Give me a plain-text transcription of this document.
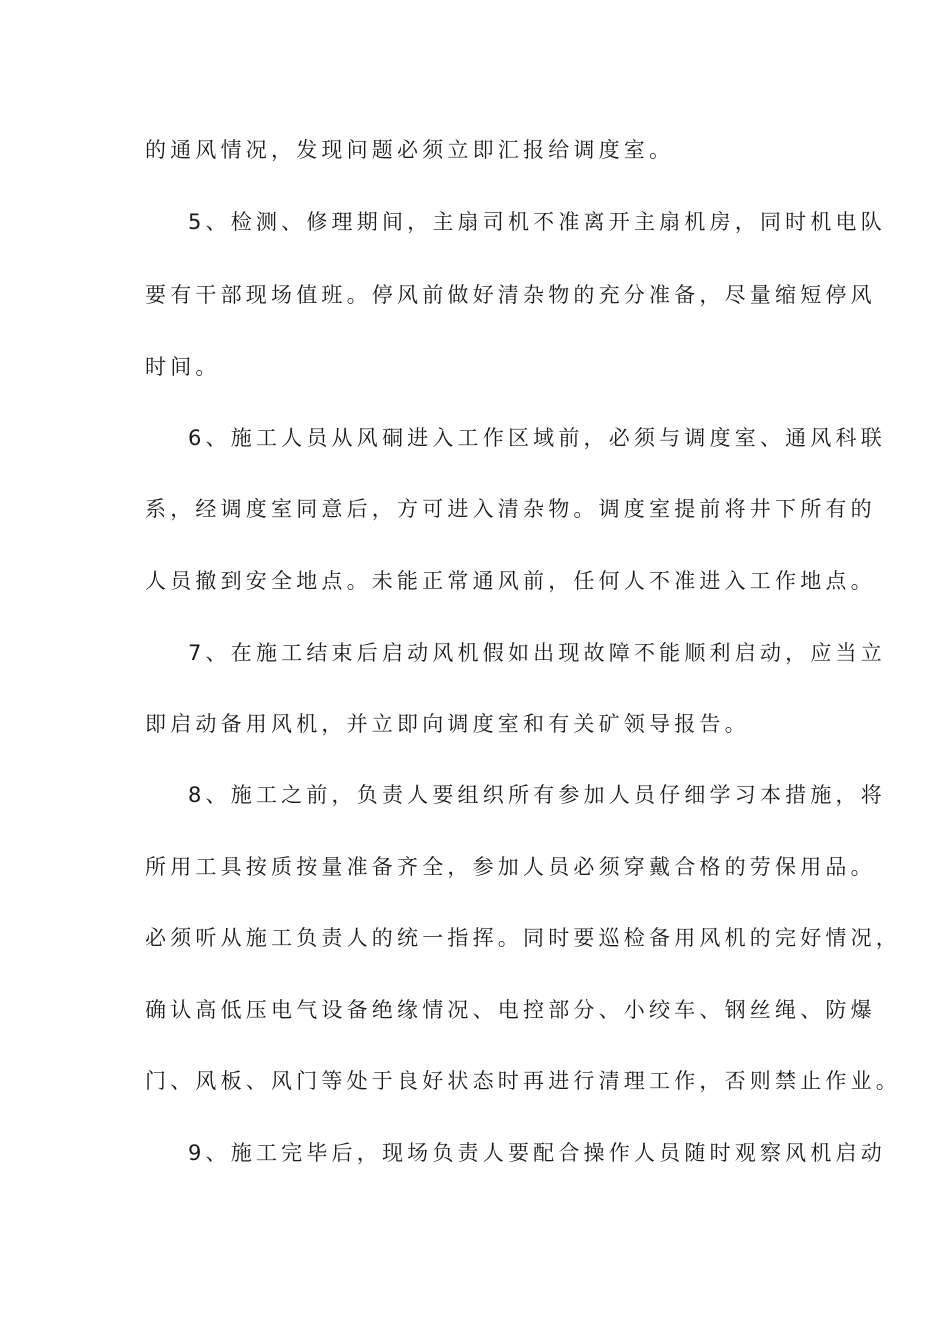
的通风情况，发现问题必须立即汇报给调度室。
5、检测、修理期间，主扇司机不准离开主扇机房，同时机电队
要有干部现场值班。停风前做好清杂物的充分准备，尽量缩短停风
时间。
6、施工人员从风硐进入工作区域前，必须与调度室、通风科联
系，经调度室同意后，方可进入清杂物。调度室提前将井下所有的
人员撤到安全地点。未能正常通风前，任何人不准进入工作地点。
7、在施工结束后启动风机假如出现故障不能顺利启动，应当立
即启动备用风机，并立即向调度室和有关矿领导报告。
8、施工之前，负责人要组织所有参加人员仔细学习本措施，将
所用工具按质按量准备齐全，参加人员必须穿戴合格的劳保用品。
必须听从施工负责人的统一指挥。同时要巡检备用风机的完好情况，
确认高低压电气设备绝缘情况、电控部分、小绞车、钢丝绳、防爆
门、风板、风门等处于良好状态时再进行清理工作，否则禁止作业。
9、施工完毕后，现场负责人要配合操作人员随时观察风机启动
